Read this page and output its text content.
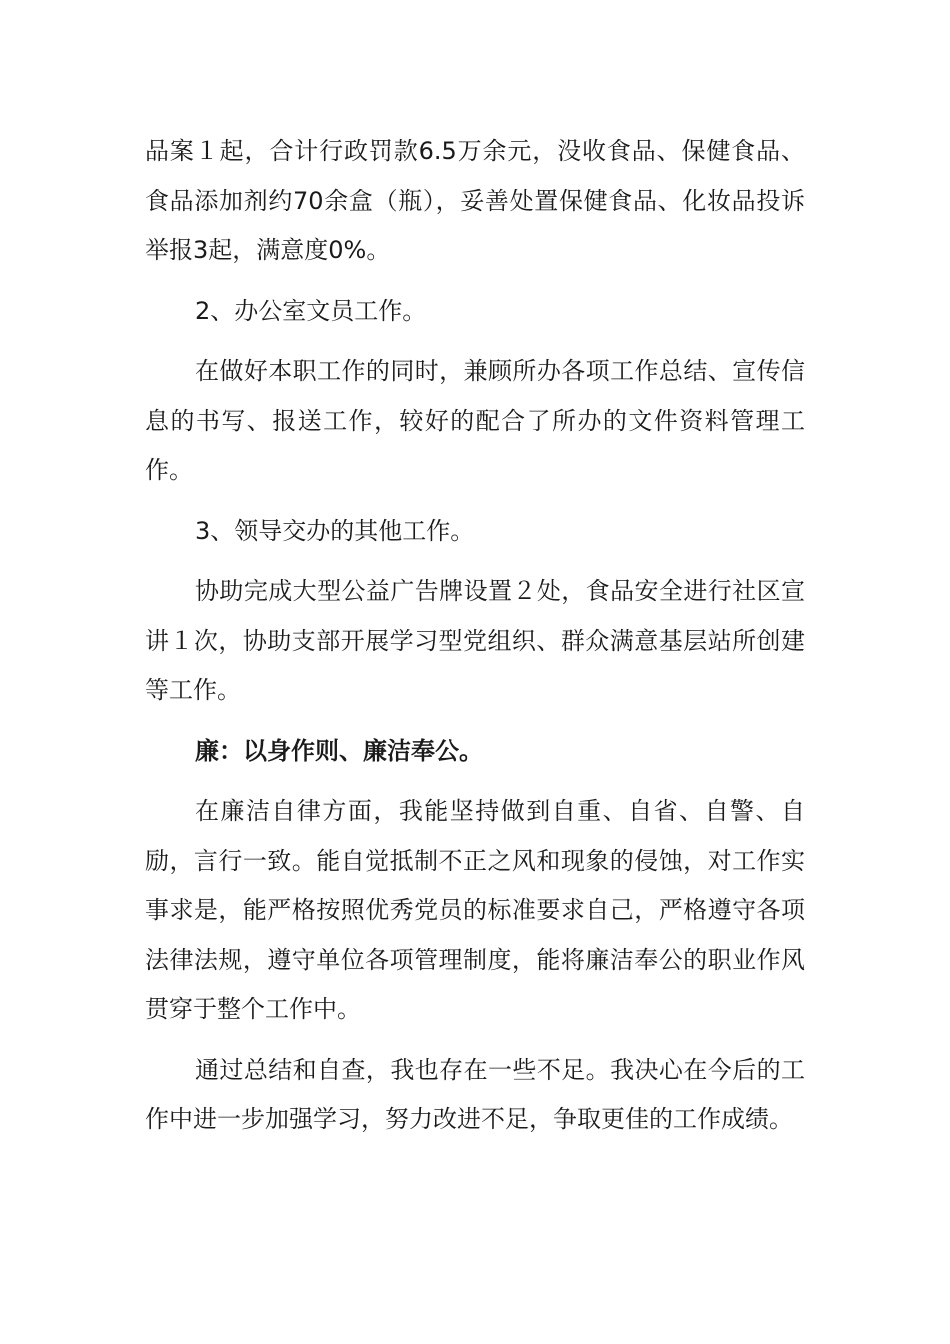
品案１起，合计行政罚款6.5万余元，没收食品、保健食品、食品添加剂约70余盒（瓶），妥善处置保健食品、化妆品投诉举报3起，满意度0%。

2、办公室文员工作。

在做好本职工作的同时，兼顾所办各项工作总结、宣传信息的书写、报送工作，较好的配合了所办的文件资料管理工作。

3、领导交办的其他工作。

协助完成大型公益广告牌设置２处，食品安全进行社区宣讲１次，协助支部开展学习型党组织、群众满意基层站所创建等工作。

廉：以身作则、廉洁奉公。

在廉洁自律方面，我能坚持做到自重、自省、自警、自励，言行一致。能自觉抵制不正之风和现象的侵蚀，对工作实事求是，能严格按照优秀党员的标准要求自己，严格遵守各项法律法规，遵守单位各项管理制度，能将廉洁奉公的职业作风贯穿于整个工作中。

通过总结和自查，我也存在一些不足。我决心在今后的工作中进一步加强学习，努力改进不足，争取更佳的工作成绩。
